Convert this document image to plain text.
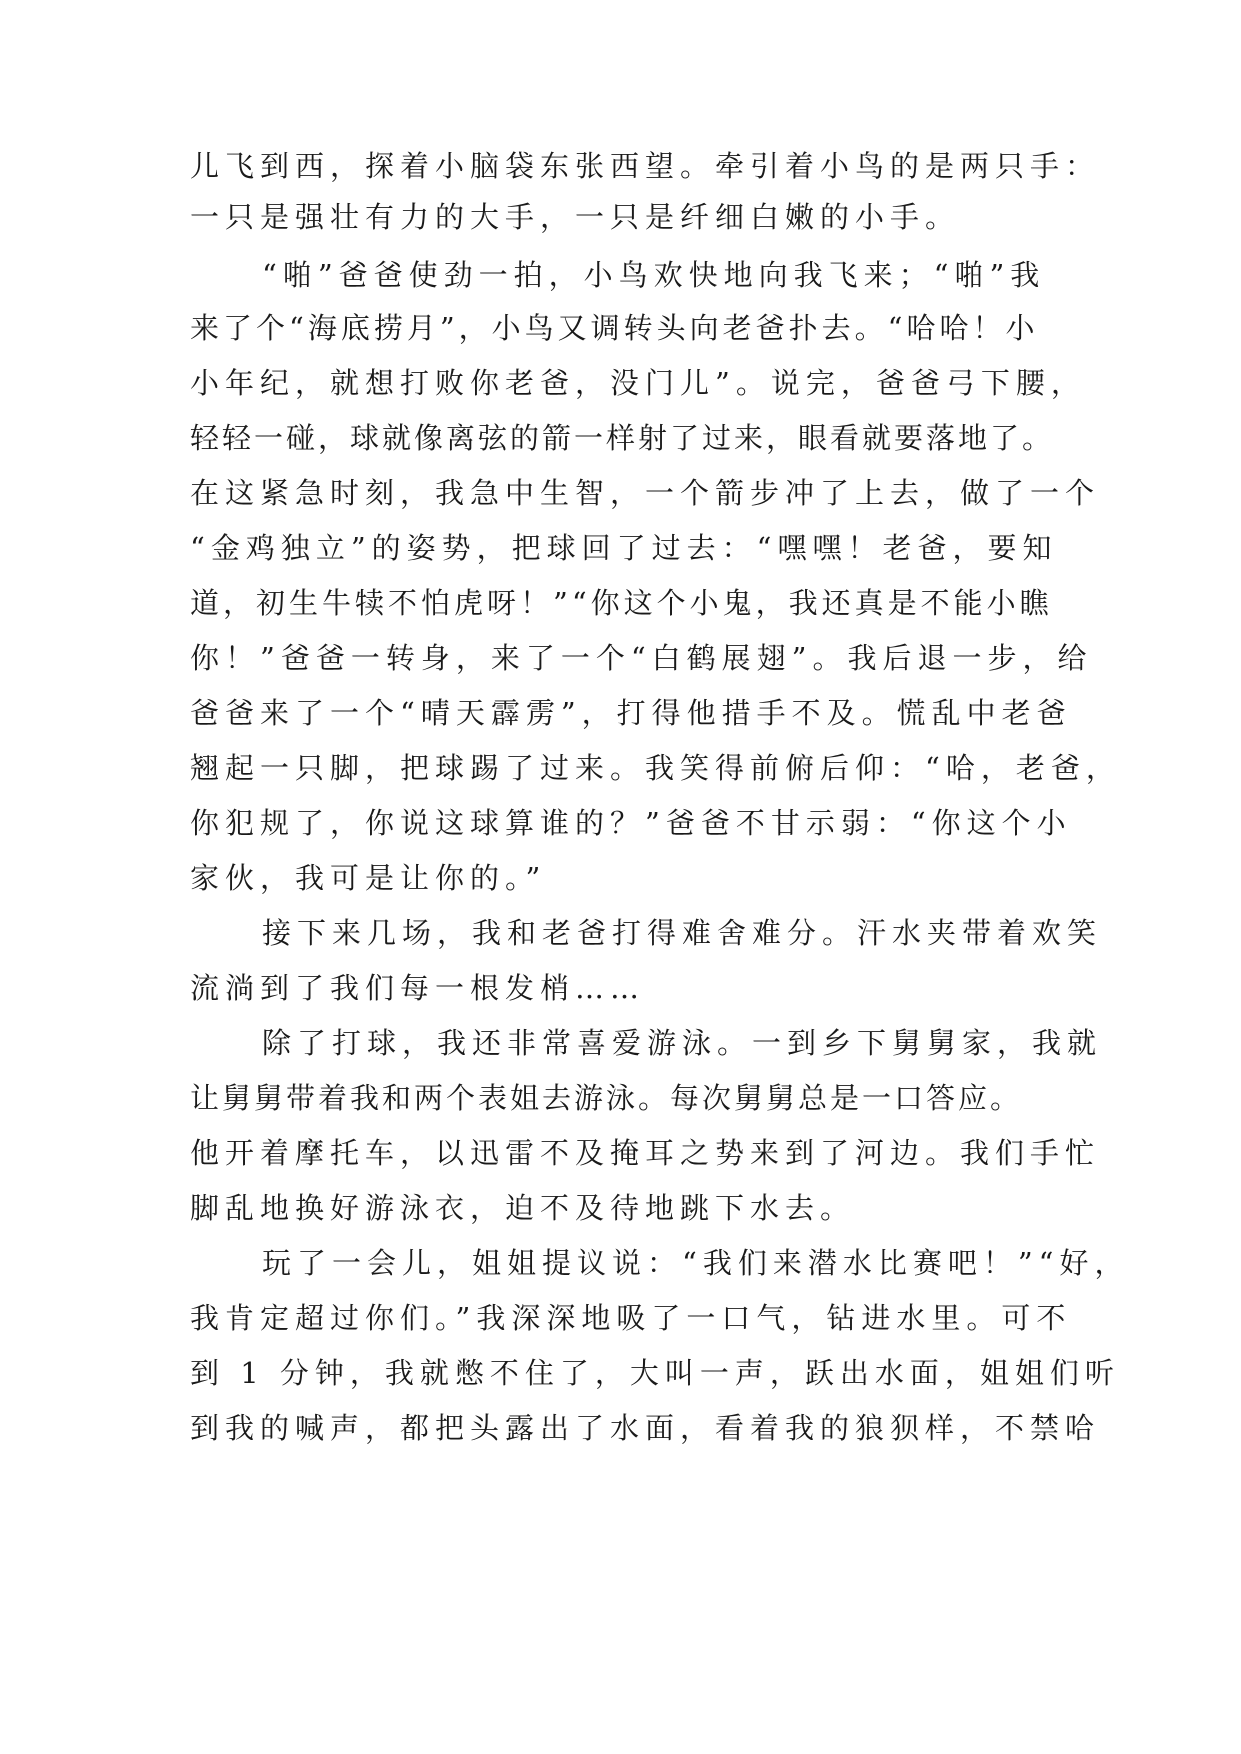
儿飞到西，探着小脑袋东张西望。牵引着小鸟的是两只手：

一只是强壮有力的大手，一只是纤细白嫩的小手。

“啪”爸爸使劲一拍，小鸟欢快地向我飞来；“啪”我

来了个“海底捞月”，小鸟又调转头向老爸扑去。“哈哈！小

小年纪，就想打败你老爸，没门儿”。说完，爸爸弓下腰，

轻轻一碰，球就像离弦的箭一样射了过来，眼看就要落地了。

在这紧急时刻，我急中生智，一个箭步冲了上去，做了一个

“金鸡独立”的姿势，把球回了过去：“嘿嘿！老爸，要知

道，初生牛犊不怕虎呀！”“你这个小鬼，我还真是不能小瞧

你！”爸爸一转身，来了一个“白鹤展翅”。我后退一步，给

爸爸来了一个“晴天霹雳”，打得他措手不及。慌乱中老爸

翘起一只脚，把球踢了过来。我笑得前俯后仰：“哈，老爸，

你犯规了，你说这球算谁的？”爸爸不甘示弱：“你这个小

家伙，我可是让你的。”

接下来几场，我和老爸打得难舍难分。汗水夹带着欢笑

流淌到了我们每一根发梢……

除了打球，我还非常喜爱游泳。一到乡下舅舅家，我就

让舅舅带着我和两个表姐去游泳。每次舅舅总是一口答应。

他开着摩托车，以迅雷不及掩耳之势来到了河边。我们手忙

脚乱地换好游泳衣，迫不及待地跳下水去。

玩了一会儿，姐姐提议说：“我们来潜水比赛吧！”“好，

我肯定超过你们。”我深深地吸了一口气，钻进水里。可不

到 1 分钟，我就憋不住了，大叫一声，跃出水面，姐姐们听

到我的喊声，都把头露出了水面，看着我的狼狈样，不禁哈
